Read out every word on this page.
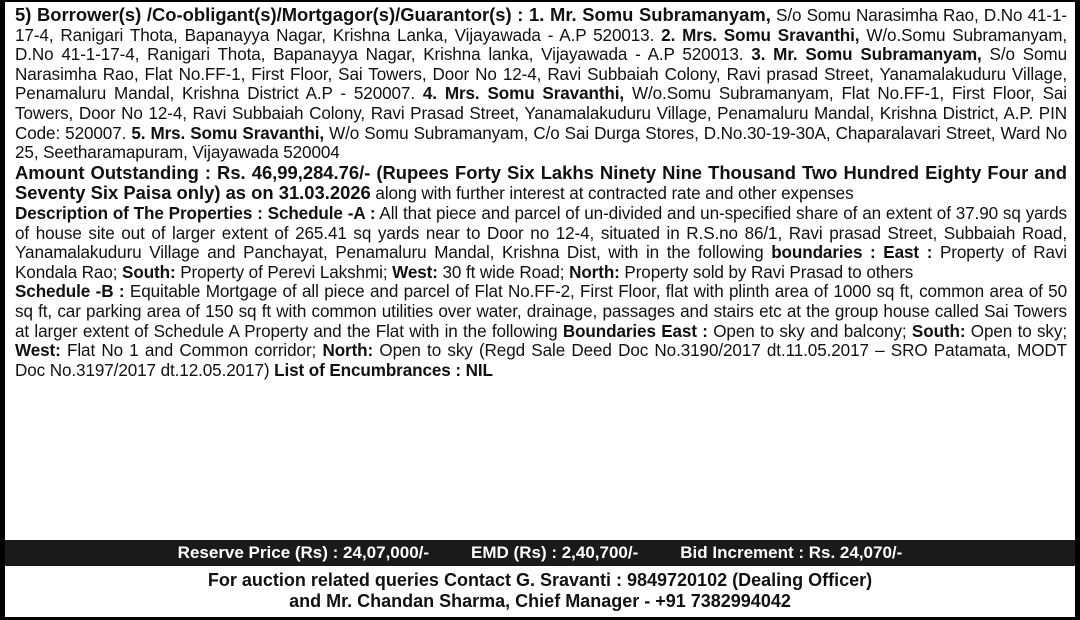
5) Borrower(s) /Co-obligant(s)/Mortgagor(s)/Guarantor(s) : 1. Mr. Somu Subramanyam, S/o Somu Narasimha Rao, D.No 41-1-17-4, Ranigari Thota, Bapanayya Nagar, Krishna Lanka, Vijayawada - A.P 520013. 2. Mrs. Somu Sravanthi, W/o.Somu Subramanyam, D.No 41-1-17-4, Ranigari Thota, Bapanayya Nagar, Krishna lanka, Vijayawada - A.P 520013. 3. Mr. Somu Subramanyam, S/o Somu Narasimha Rao, Flat No.FF-1, First Floor, Sai Towers, Door No 12-4, Ravi Subbaiah Colony, Ravi prasad Street, Yanamalakuduru Village, Penamaluru Mandal, Krishna District A.P - 520007. 4. Mrs. Somu Sravanthi, W/o.Somu Subramanyam, Flat No.FF-1, First Floor, Sai Towers, Door No 12-4, Ravi Subbaiah Colony, Ravi Prasad Street, Yanamalakuduru Village, Penamaluru Mandal, Krishna District, A.P. PIN Code: 520007. 5. Mrs. Somu Sravanthi, W/o Somu Subramanyam, C/o Sai Durga Stores, D.No.30-19-30A, Chaparalavari Street, Ward No 25, Seetharamapuram, Vijayawada 520004

Amount Outstanding : Rs. 46,99,284.76/- (Rupees Forty Six Lakhs Ninety Nine Thousand Two Hundred Eighty Four and Seventy Six Paisa only) as on 31.03.2026 along with further interest at contracted rate and other expenses

Description of The Properties : Schedule -A : All that piece and parcel of un-divided and un-specified share of an extent of 37.90 sq yards of house site out of larger extent of 265.41 sq yards near to Door no 12-4, situated in R.S.no 86/1, Ravi prasad Street, Subbaiah Road, Yanamalakuduru Village and Panchayat, Penamaluru Mandal, Krishna Dist, with in the following boundaries : East : Property of Ravi Kondala Rao; South: Property of Perevi Lakshmi; West: 30 ft wide Road; North: Property sold by Ravi Prasad to others

Schedule -B : Equitable Mortgage of all piece and parcel of Flat No.FF-2, First Floor, flat with plinth area of 1000 sq ft, common area of 50 sq ft, car parking area of 150 sq ft with common utilities over water, drainage, passages and stairs etc at the group house called Sai Towers at larger extent of Schedule A Property and the Flat with in the following Boundaries East : Open to sky and balcony; South: Open to sky; West: Flat No 1 and Common corridor; North: Open to sky (Regd Sale Deed Doc No.3190/2017 dt.11.05.2017 – SRO Patamata, MODT Doc No.3197/2017 dt.12.05.2017) List of Encumbrances : NIL

Reserve Price (Rs) : 24,07,000/- EMD (Rs) : 2,40,700/- Bid Increment : Rs. 24,070/-
For auction related queries Contact G. Sravanti : 9849720102 (Dealing Officer)
and Mr. Chandan Sharma, Chief Manager - +91 7382994042
